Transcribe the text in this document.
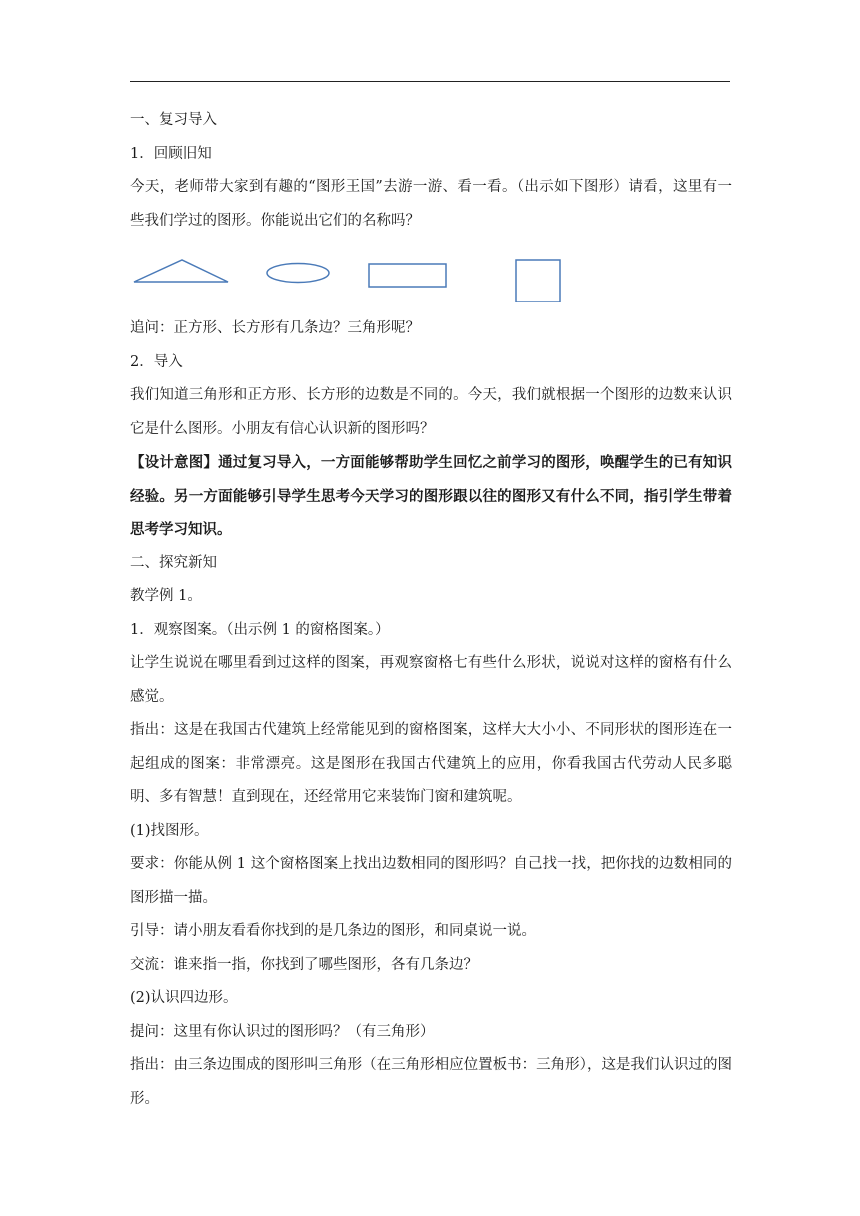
一、复习导入

1．回顾旧知

今天，老师带大家到有趣的“图形王国”去游一游、看一看。（出示如下图形）请看，这里有一些我们学过的图形。你能说出它们的名称吗？

追问：正方形、长方形有几条边？三角形呢？

2．导入

我们知道三角形和正方形、长方形的边数是不同的。今天，我们就根据一个图形的边数来认识它是什么图形。小朋友有信心认识新的图形吗？

【设计意图】通过复习导入，一方面能够帮助学生回忆之前学习的图形，唤醒学生的已有知识经验。另一方面能够引导学生思考今天学习的图形跟以往的图形又有什么不同，指引学生带着思考学习知识。

二、探究新知

教学例 1。

1．观察图案。（出示例 1 的窗格图案。）

让学生说说在哪里看到过这样的图案，再观察窗格七有些什么形状，说说对这样的窗格有什么感觉。

指出：这是在我国古代建筑上经常能见到的窗格图案，这样大大小小、不同形状的图形连在一起组成的图案：非常漂亮。这是图形在我国古代建筑上的应用，你看我国古代劳动人民多聪明、多有智慧！直到现在，还经常用它来装饰门窗和建筑呢。

(1)找图形。

要求：你能从例 1 这个窗格图案上找出边数相同的图形吗？自己找一找，把你找的边数相同的图形描一描。

引导：请小朋友看看你找到的是几条边的图形，和同桌说一说。

交流：谁来指一指，你找到了哪些图形，各有几条边？

(2)认识四边形。

提问：这里有你认识过的图形吗？（有三角形）

指出：由三条边围成的图形叫三角形（在三角形相应位置板书：三角形），这是我们认识过的图形。
